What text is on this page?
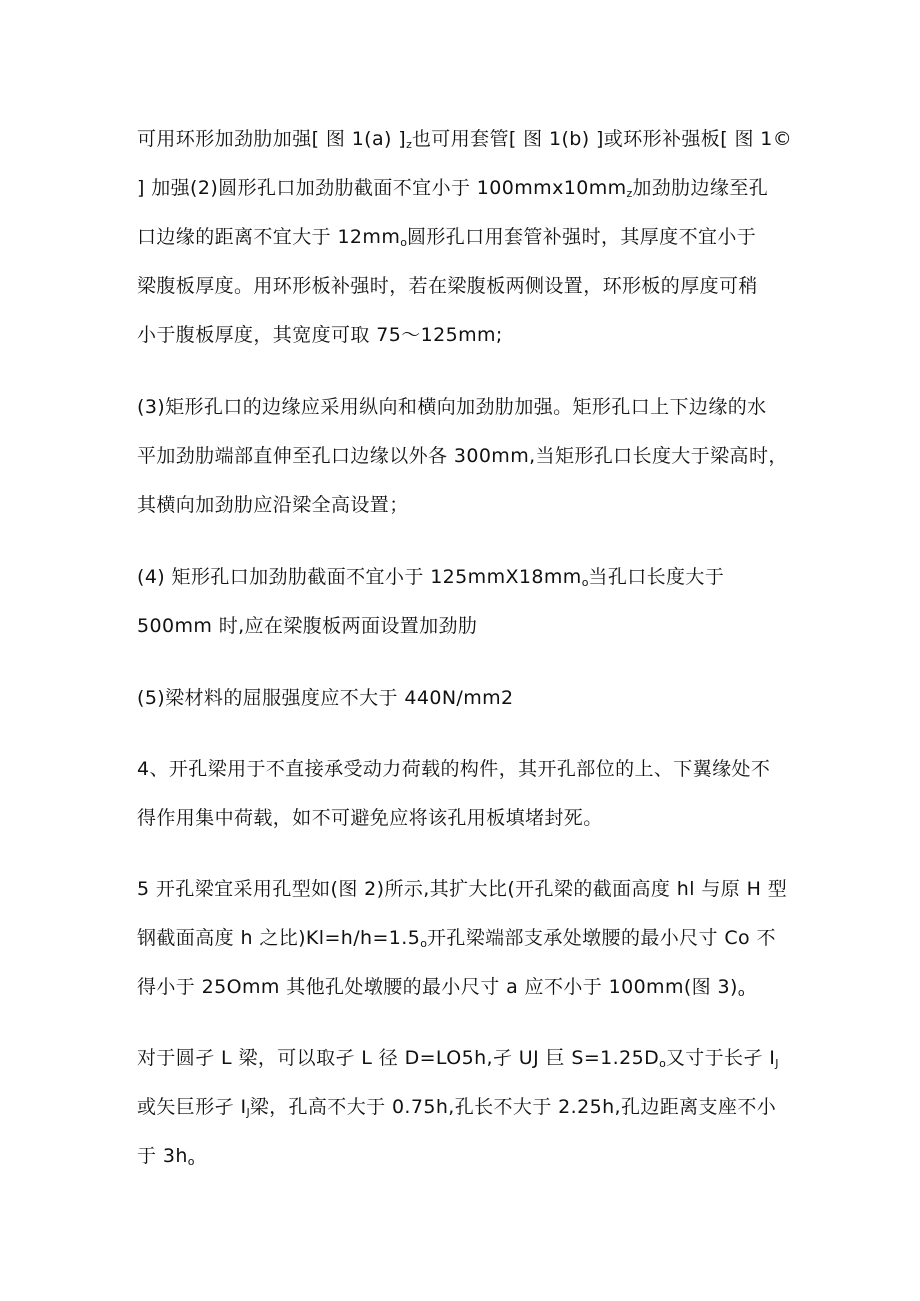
可用环形加劲肋加强[ 图 1(a) ]$_z$也可用套管[ 图 1(b) ]或环形补强板[ 图 1©
] 加强(2)圆形孔口加劲肋截面不宜小于 $100mmx10mm_z$加劲肋边缘至孔
口边缘的距离不宜大于 $12mm_o$圆形孔口用套管补强时，其厚度不宜小于
梁腹板厚度。用环形板补强时，若在梁腹板两侧设置，环形板的厚度可稍
小于腹板厚度，其宽度可取 75〜125mm;
(3)矩形孔口的边缘应采用纵向和横向加劲肋加强。矩形孔口上下边缘的水
平加劲肋端部直伸至孔口边缘以外各 300mm,当矩形孔口长度大于梁高时，
其横向加劲肋应沿梁全高设置；
(4) 矩形孔口加劲肋截面不宜小于 $125mmX18mm_o$当孔口长度大于
500mm 时,应在梁腹板两面设置加劲肋
(5)梁材料的屈服强度应不大于 440N/mm2
4、开孔梁用于不直接承受动力荷载的构件，其开孔部位的上、下翼缘处不
得作用集中荷载，如不可避免应将该孔用板填堵封死。
5 开孔梁宜采用孔型如(图 2)所示,其扩大比(开孔梁的截面高度 hl 与原 H 型
钢截面高度 h 之比)$Kl=h/h=1.5_o$开孔梁端部支承处墩腰的最小尺寸 Co 不
得小于 25Omm 其他孔处墩腰的最小尺寸 a 应不小于 100mm(图 $3)_o$
对于圆孑 L 梁，可以取孑 L 径 D=LO5h,孑 UJ 巨 $S=1.25D_o$又寸于长孑 $I_J$
或矢巨形孑 $I_J$梁，孔高不大于 0.75h,孔长不大于 2.25h,孔边距离支座不小
于 $3h_o$
